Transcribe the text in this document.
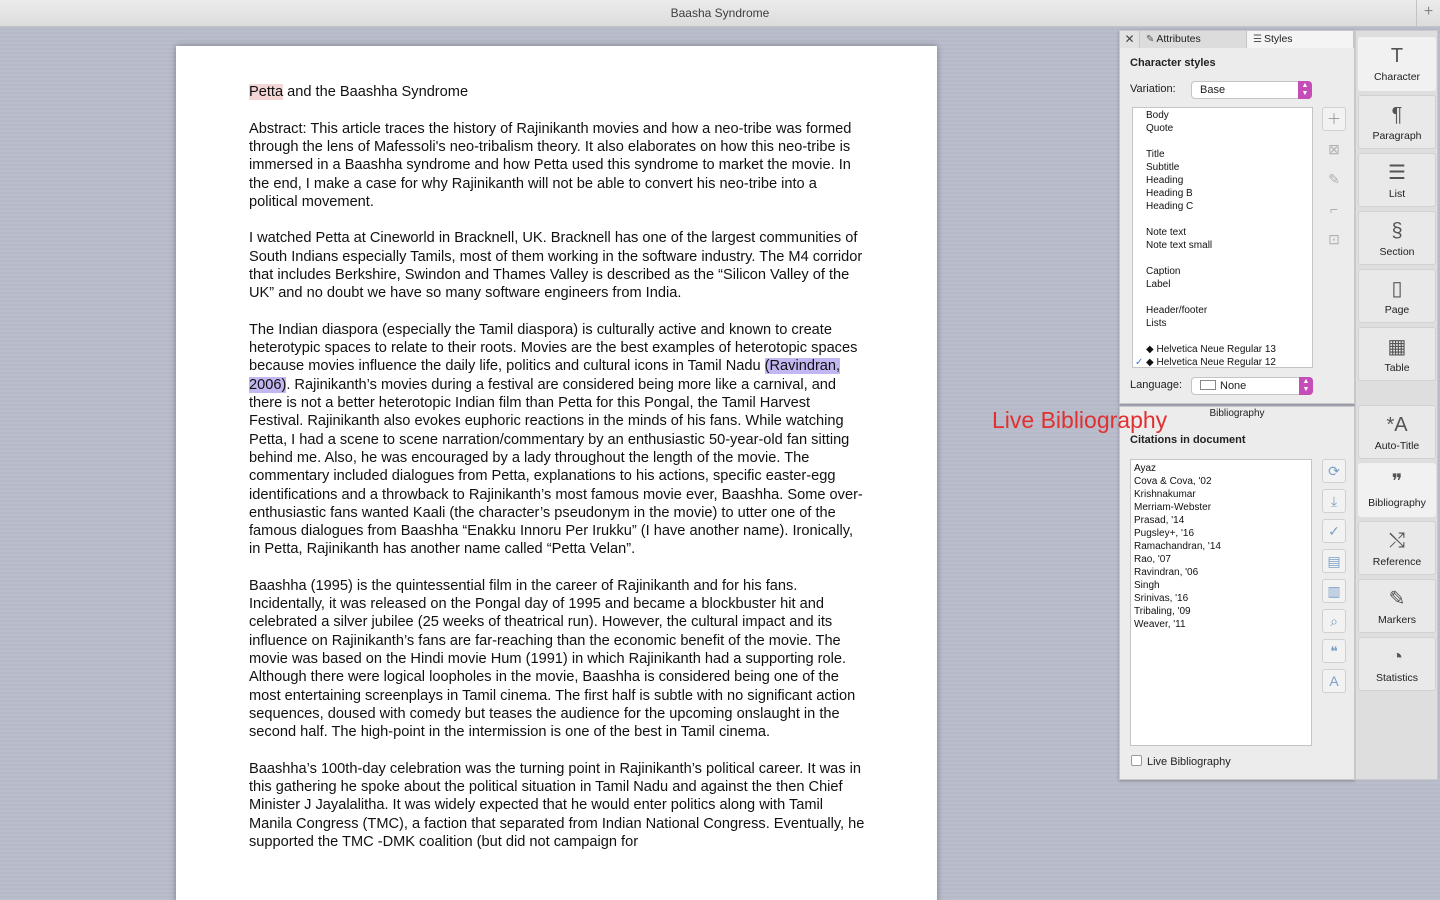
Baasha Syndrome	+

Petta and the Baashha Syndrome

Abstract: This article traces the history of Rajinikanth movies and how a neo-tribe was formed through the lens of Mafessoli's neo-tribalism theory. It also elaborates on how this neo-tribe is immersed in a Baashha syndrome and how Petta used this syndrome to market the movie. In the end, I make a case for why Rajinikanth will not be able to convert his neo-tribe into a political movement.

I watched Petta at Cineworld in Bracknell, UK. Bracknell has one of the largest communities of South Indians especially Tamils, most of them working in the software industry. The M4 corridor that includes Berkshire, Swindon and Thames Valley is described as the “Silicon Valley of the UK” and no doubt we have so many software engineers from India.

The Indian diaspora (especially the Tamil diaspora) is culturally active and known to create heterotypic spaces to relate to their roots. Movies are the best examples of heterotopic spaces because movies influence the daily life, politics and cultural icons in Tamil Nadu (Ravindran, 2006). Rajinikanth’s movies during a festival are considered being more like a carnival, and there is not a better heterotopic Indian film than Petta for this Pongal, the Tamil Harvest Festival. Rajinikanth also evokes euphoric reactions in the minds of his fans. While watching Petta, I had a scene to scene narration/commentary by an enthusiastic 50-year-old fan sitting behind me. Also, he was encouraged by a lady throughout the length of the movie. The commentary included dialogues from Petta, explanations to his actions, specific easter-egg identifications and a throwback to Rajinikanth’s most famous movie ever, Baashha. Some over-enthusiastic fans wanted Kaali (the character’s pseudonym in the movie) to utter one of the famous dialogues from Baashha “Enakku Innoru Per Irukku” (I have another name). Ironically, in Petta, Rajinikanth has another name called “Petta Velan”.

Baashha (1995) is the quintessential film in the career of Rajinikanth and for his fans. Incidentally, it was released on the Pongal day of 1995 and became a blockbuster hit and celebrated a silver jubilee (25 weeks of theatrical run). However, the cultural impact and its influence on Rajinikanth’s fans are far-reaching than the economic benefit of the movie. The movie was based on the Hindi movie Hum (1991) in which Rajinikanth had a supporting role. Although there were logical loopholes in the movie, Baashha is considered being one of the most entertaining screenplays in Tamil cinema. The first half is subtle with no significant action sequences, doused with comedy but teases the audience for the upcoming onslaught in the second half. The high-point in the intermission is one of the best in Tamil cinema.

Baashha’s 100th-day celebration was the turning point in Rajinikanth’s political career. It was in this gathering he spoke about the political situation in Tamil Nadu and against the then Chief Minister J Jayalalitha. It was widely expected that he would enter politics along with Tamil Manila Congress (TMC), a faction that separated from Indian National Congress. Eventually, he supported the TMC -DMK coalition (but did not campaign for

✕	✎ Attributes	☰ Styles
Character styles
Variation:	Base	▲
▼
Body
Quote
Title
Subtitle
Heading
Heading B
Heading C
Note text
Note text small
Caption
Label
Header/footer
Lists
◆ Helvetica Neue Regular 13
✓ ◆ Helvetica Neue Regular 12
＋
⊠
✎
⌐
⊡
Language:	None	▲
▼
Bibliography
Citations in document
Ayaz
Cova & Cova, '02
Krishnakumar
Merriam-Webster
Prasad, '14
Pugsley+, '16
Ramachandran, '14
Rao, '07
Ravindran, '06
Singh
Srinivas, '16
Tribaling, '09
Weaver, '11
⟳
⤓
✓
▤
▥
⌕
❝
A
Live Bibliography
T
Character
¶
Paragraph
☰
List
§
Section
▯
Page
▦
Table
*A
Auto-Title
❞
Bibliography
⤭
Reference
✎
Markers
◔
Statistics
Live Bibliography
